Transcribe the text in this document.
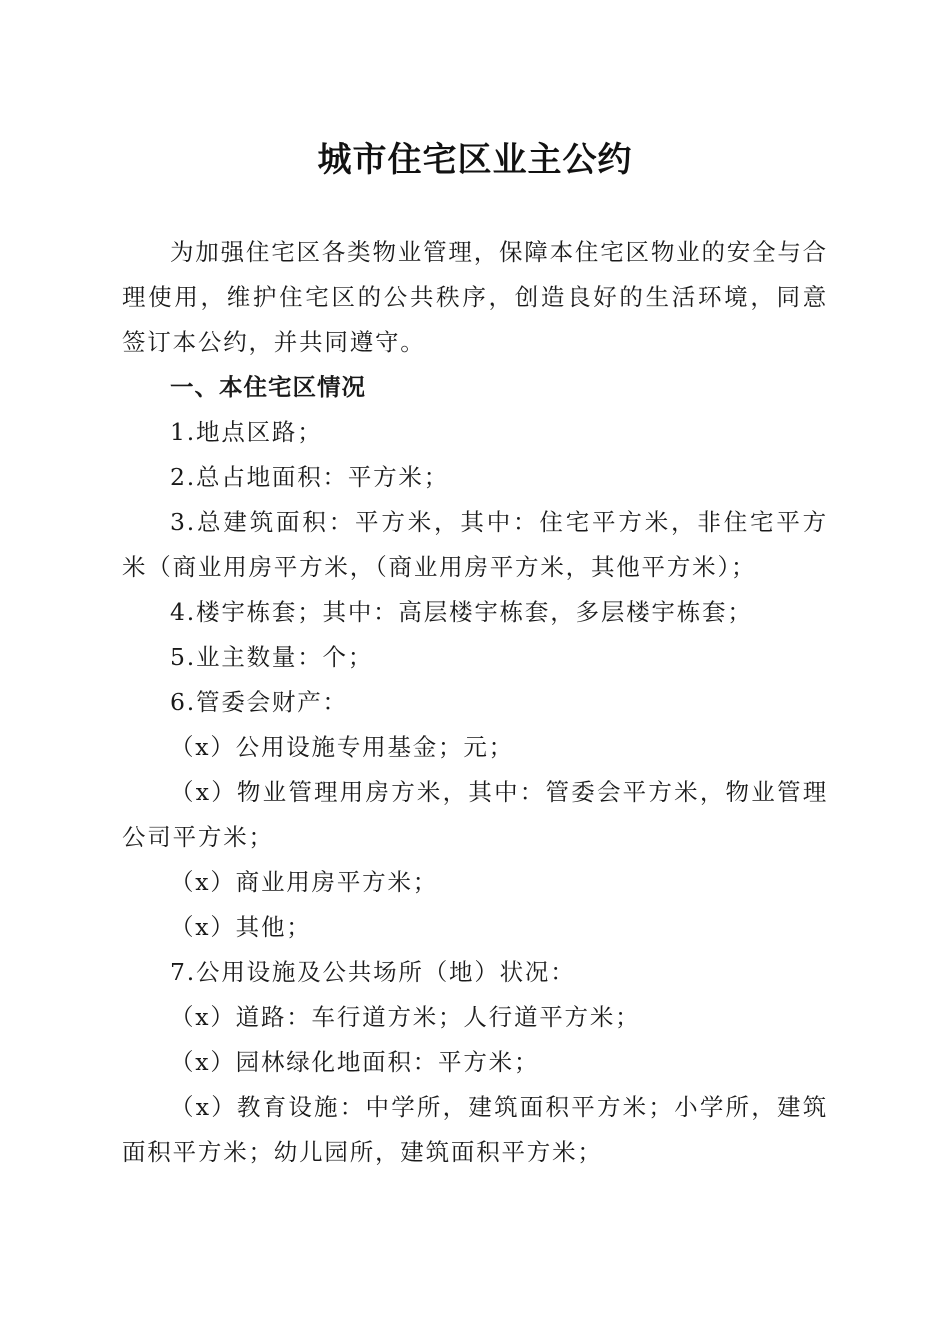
城市住宅区业主公约

为加强住宅区各类物业管理，保障本住宅区物业的安全与合理使用，维护住宅区的公共秩序，创造良好的生活环境，同意签订本公约，并共同遵守。

一、本住宅区情况

1.地点区路；

2.总占地面积：平方米；

3.总建筑面积：平方米，其中：住宅平方米，非住宅平方米（商业用房平方米，（商业用房平方米，其他平方米）；

4.楼宇栋套；其中：高层楼宇栋套，多层楼宇栋套；

5.业主数量：个；

6.管委会财产：

（x）公用设施专用基金；元；

（x）物业管理用房方米，其中：管委会平方米，物业管理公司平方米；

（x）商业用房平方米；

（x）其他；

7.公用设施及公共场所（地）状况：

（x）道路：车行道方米；人行道平方米；

（x）园林绿化地面积：平方米；

（x）教育设施：中学所，建筑面积平方米；小学所，建筑面积平方米；幼儿园所，建筑面积平方米；
